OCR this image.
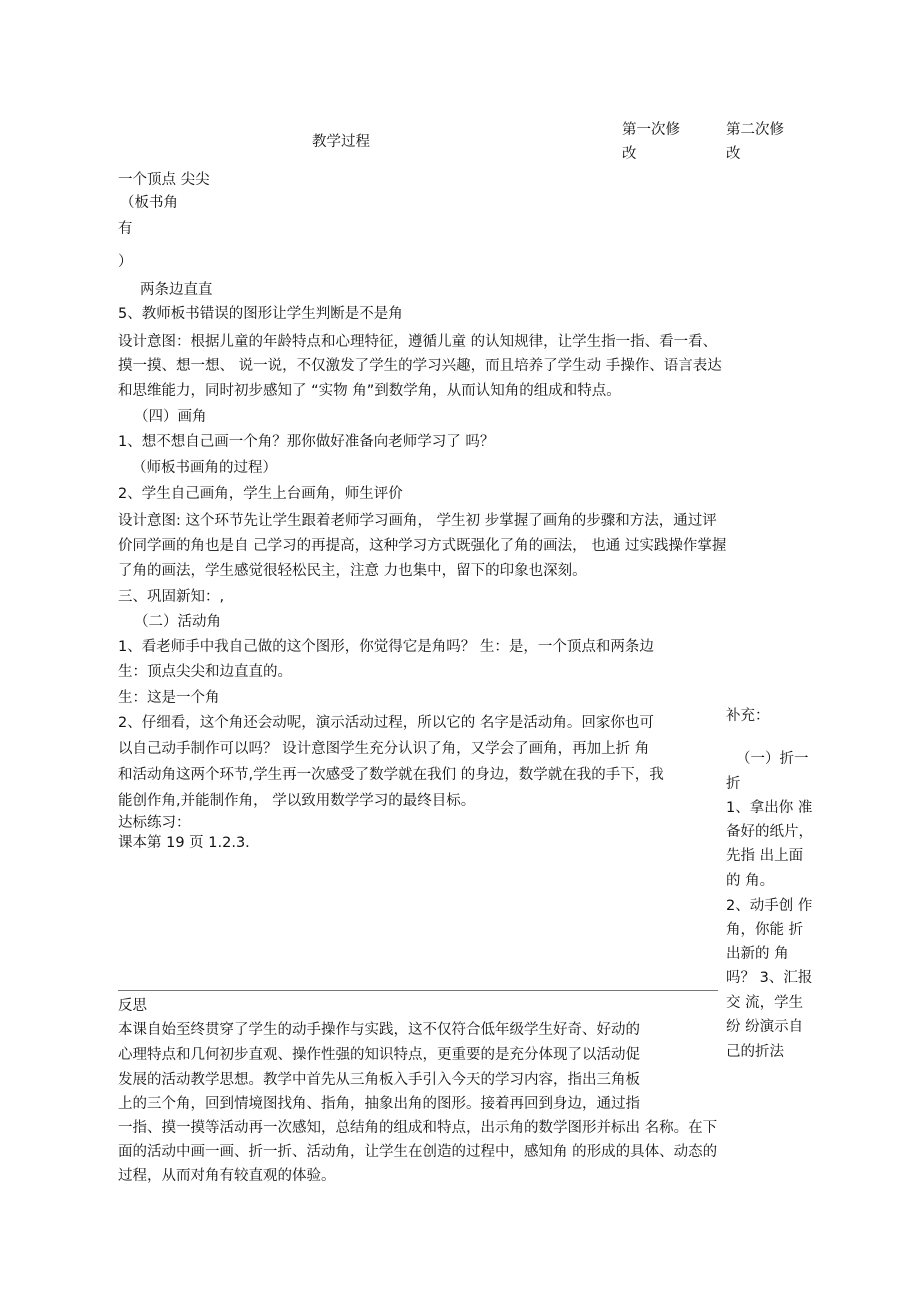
教学过程
第一次修
改
第二次修
改
一个顶点 尖尖
（板书角
有
）
两条边直直
5、教师板书错误的图形让学生判断是不是角
设计意图：根据儿童的年龄特点和心理特征，遵循儿童 的认知规律，让学生指一指、看一看、
摸一摸、想一想、 说一说，不仅激发了学生的学习兴趣，而且培养了学生动 手操作、语言表达
和思维能力，同时初步感知了 “实物 角”到数学角，从而认知角的组成和特点。
（四）画角
1、想不想自己画一个角？那你做好准备向老师学习了 吗？
（师板书画角的过程）
2、学生自己画角，学生上台画角，师生评价
设计意图: 这个环节先让学生跟着老师学习画角， 学生初 步掌握了画角的步骤和方法，通过评
价同学画的角也是自 己学习的再提高，这种学习方式既强化了角的画法， 也通 过实践操作掌握
了角的画法，学生感觉很轻松民主，注意 力也集中，留下的印象也深刻。
三、巩固新知：,
（二）活动角
1、看老师手中我自己做的这个图形，你觉得它是角吗？ 生：是，一个顶点和两条边
生：顶点尖尖和边直直的。
生：这是一个角
2、仔细看，这个角还会动呢，演示活动过程，所以它的 名字是活动角。回家你也可
以自己动手制作可以吗？ 设计意图学生充分认识了角，又学会了画角，再加上折 角
和活动角这两个环节,学生再一次感受了数学就在我们 的身边，数学就在我的手下，我
能创作角,并能制作角， 学以致用数学学习的最终目标。
达标练习：
课本第 19 页 1.2.3.
补充：
（一）折一
折
1、拿出你 准
备好的纸片，
先指 出上面
的 角。
2、动手创 作
角，你能 折
出新的 角
吗？ 3、汇报
交 流，学生
纷 纷演示自
己的折法
反思
本课自始至终贯穿了学生的动手操作与实践，这不仅符合低年级学生好奇、好动的
心理特点和几何初步直观、操作性强的知识特点，更重要的是充分体现了以活动促
发展的活动教学思想。教学中首先从三角板入手引入今天的学习内容，指出三角板
上的三个角，回到情境图找角、指角，抽象出角的图形。接着再回到身边，通过指
一指、摸一摸等活动再一次感知，总结角的组成和特点，出示角的数学图形并标出 名称。在下
面的活动中画一画、折一折、活动角，让学生在创造的过程中，感知角 的形成的具体、动态的
过程，从而对角有较直观的体验。
